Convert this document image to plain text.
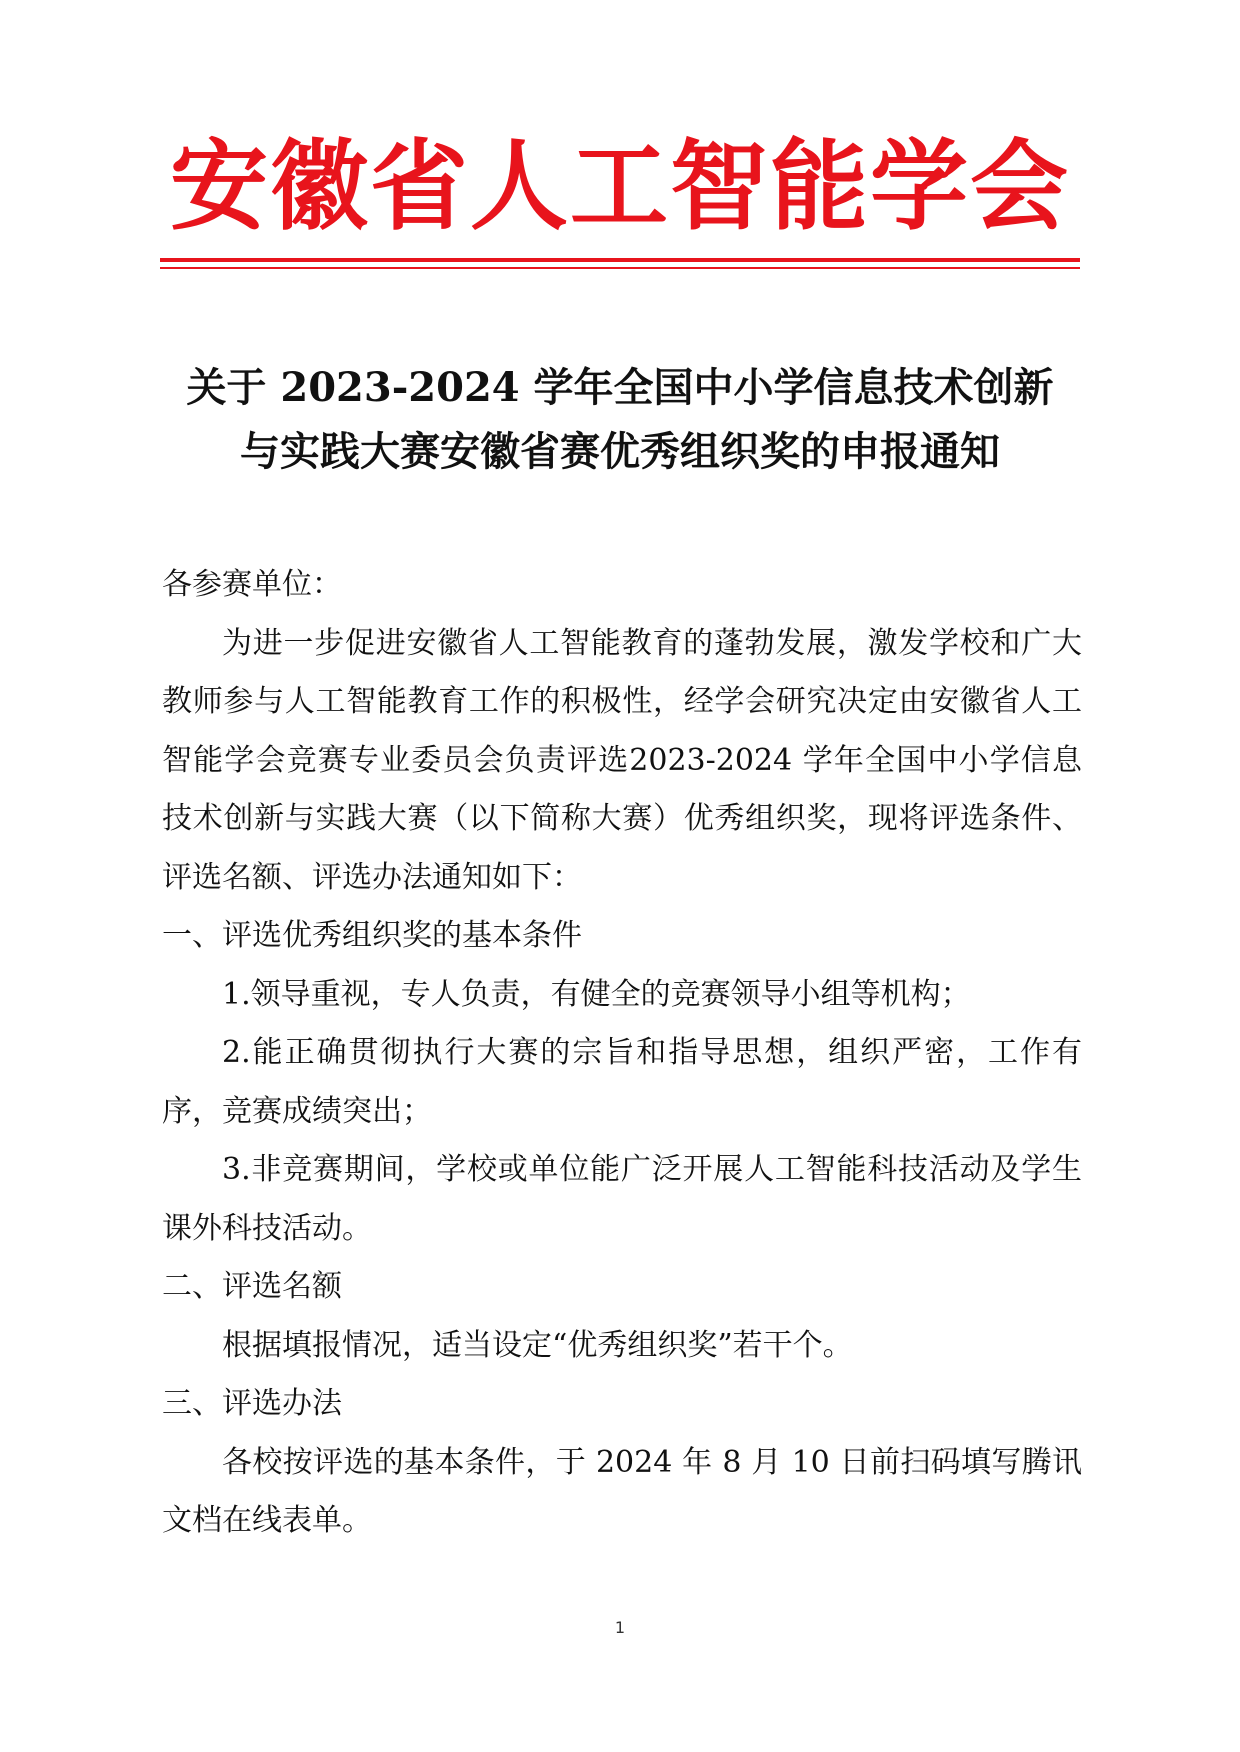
安徽省人工智能学会
关于 2023-2024 学年全国中小学信息技术创新
与实践大赛安徽省赛优秀组织奖的申报通知

各参赛单位：

为进一步促进安徽省人工智能教育的蓬勃发展，激发学校和广大教师参与人工智能教育工作的积极性，经学会研究决定由安徽省人工智能学会竞赛专业委员会负责评选2023-2024 学年全国中小学信息技术创新与实践大赛（以下简称大赛）优秀组织奖，现将评选条件、评选名额、评选办法通知如下：

一、评选优秀组织奖的基本条件

1.领导重视，专人负责，有健全的竞赛领导小组等机构；

2.能正确贯彻执行大赛的宗旨和指导思想，组织严密，工作有序，竞赛成绩突出；

3.非竞赛期间，学校或单位能广泛开展人工智能科技活动及学生课外科技活动。

二、评选名额

根据填报情况，适当设定“优秀组织奖”若干个。

三、评选办法

各校按评选的基本条件，于 2024 年 8 月 10 日前扫码填写腾讯文档在线表单。

1
